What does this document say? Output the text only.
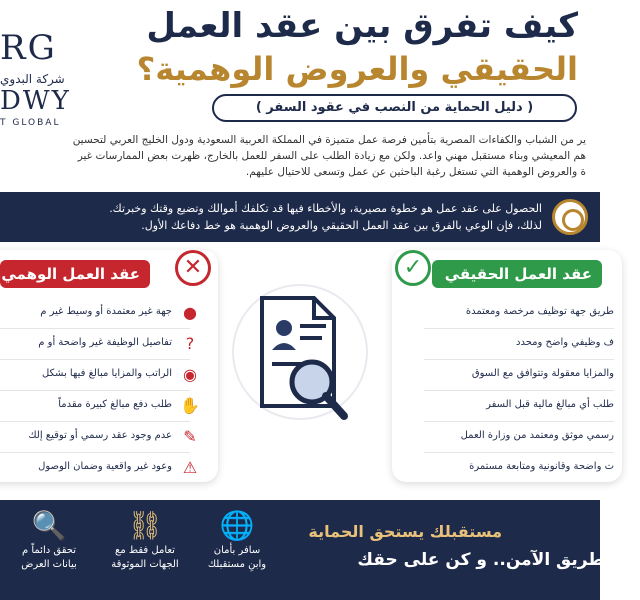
RG
شركة البدوي
DWY
T GLOBAL
كيف تفرق بين عقد العمل
الحقيقي والعروض الوهمية؟
( دليل الحماية من النصب في عقود السفر )
ير من الشباب والكفاءات المصرية بتأمين فرصة عمل متميزة في المملكة العربية السعودية ودول الخليج العربي لتحسين
هم المعيشي وبناء مستقبل مهني واعد. ولكن مع زيادة الطلب على السفر للعمل بالخارج، ظهرت بعض الممارسات غير
ة والعروض الوهمية التي تستغل رغبة الباحثين عن عمل وتسعى للاحتيال عليهم.
الحصول على عقد عمل هو خطوة مصيرية، والأخطاء فيها قد تكلفك أموالك وتضيع وقتك وخبرتك.
لذلك، فإن الوعي بالفرق بين عقد العمل الحقيقي والعروض الوهمية هو خط دفاعك الأول.
عقد العمل الوهمي
●
جهة غير معتمدة أو وسيط غير م
?
تفاصيل الوظيفة غير واضحة أو م
◉
الراتب والمزايا مبالغ فيها بشكل
✋
طلب دفع مبالغ كبيرة مقدماً
✎
عدم وجود عقد رسمي أو توقيع إلك
⚠
وعود غير واقعية وضمان الوصول
✕	عقد العمل الحقيقي
طريق جهة توظيف مرخصة ومعتمدة
ف وظيفي واضح ومحدد
والمزايا معقولة وتتوافق مع السوق
طلب أي مبالغ مالية قبل السفر
رسمي موثق ومعتمد من وزارة العمل
ت واضحة وقانونية ومتابعة مستمرة
✓
🔍
تحقق دائماً م
بيانات العرض
⛓
تعامل فقط مع
الجهات الموثوقة
🌐
سافر بأمان
وابنِ مستقبلك
مستقبلك يستحق الحماية
تر الطريق الآمن.. و كن على حقك
